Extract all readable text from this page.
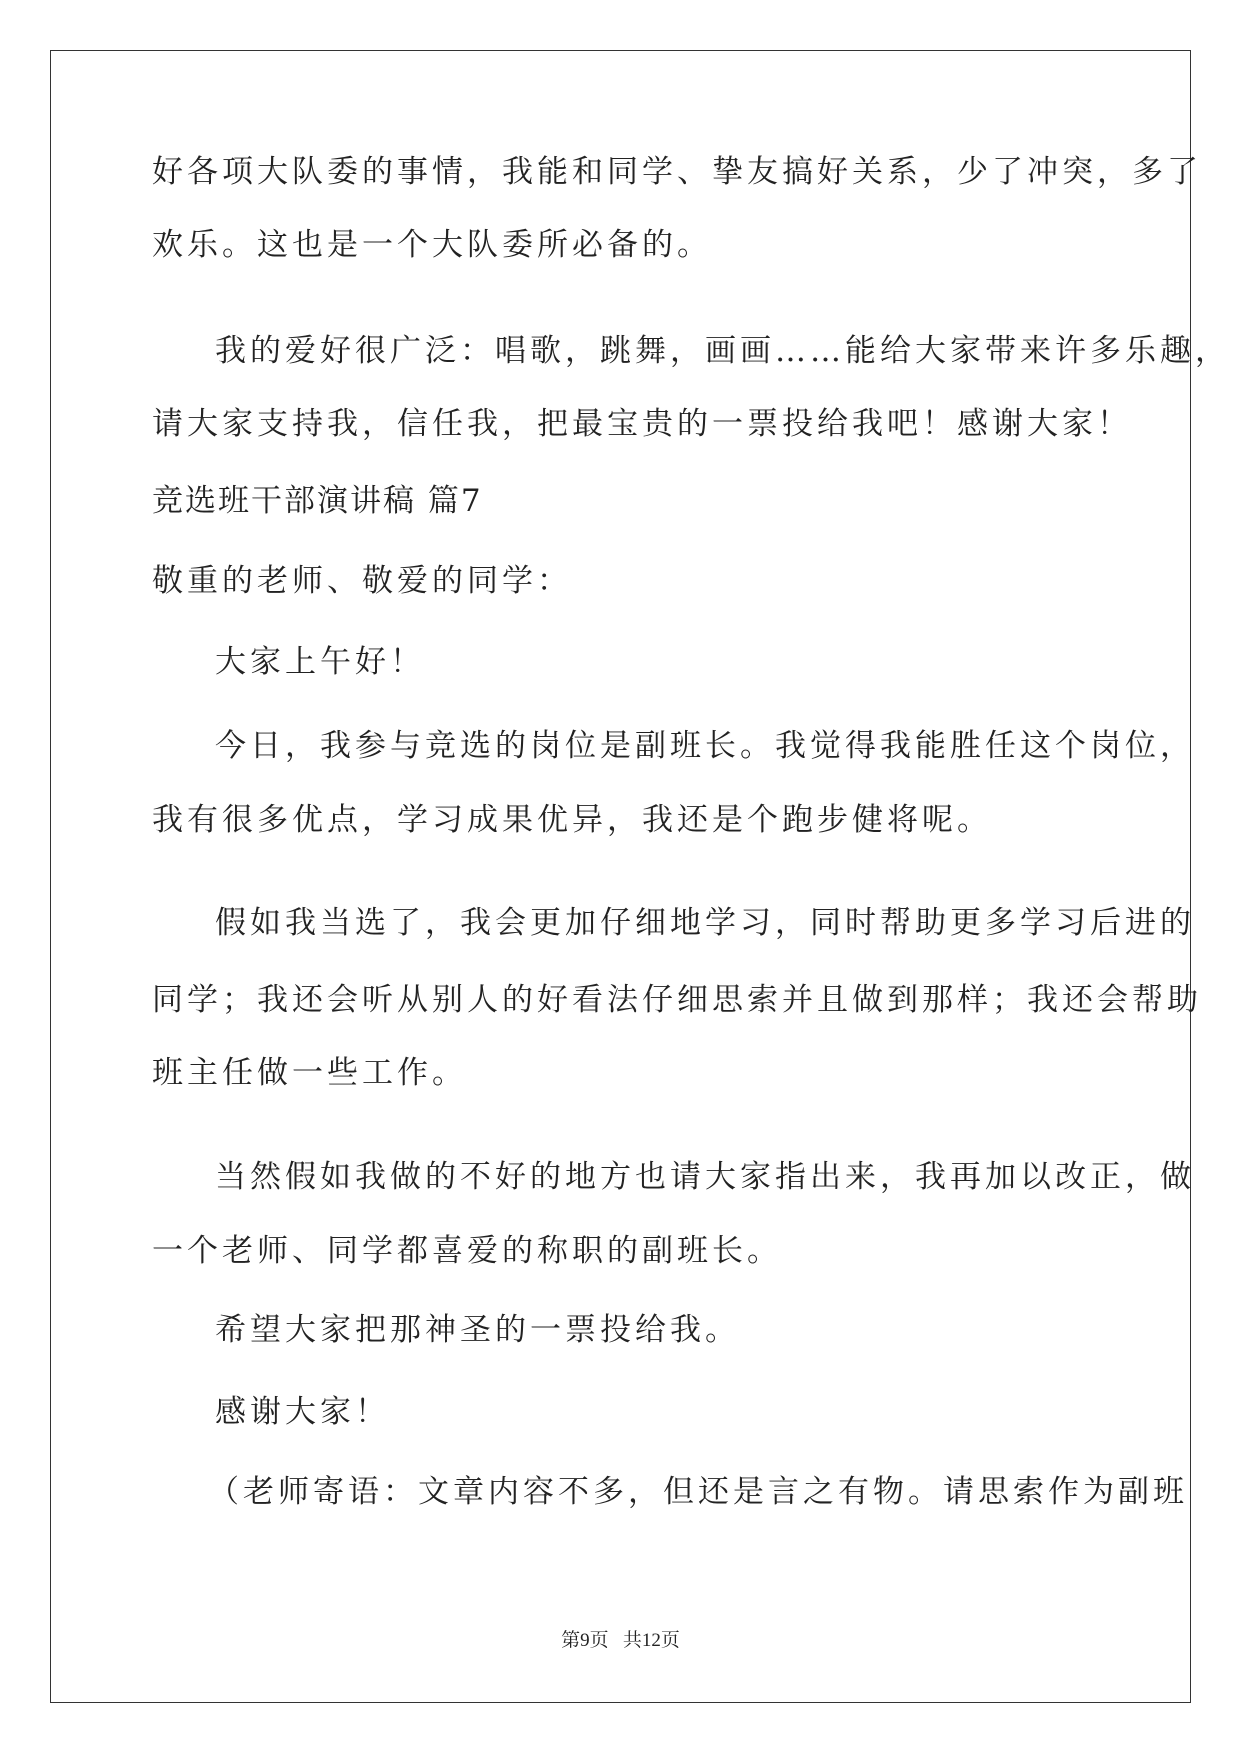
好各项大队委的事情，我能和同学、挚友搞好关系，少了冲突，多了
欢乐。这也是一个大队委所必备的。
我的爱好很广泛：唱歌，跳舞，画画……能给大家带来许多乐趣，
请大家支持我，信任我，把最宝贵的一票投给我吧！感谢大家！
竞选班干部演讲稿 篇7
敬重的老师、敬爱的同学：
大家上午好！
今日，我参与竞选的岗位是副班长。我觉得我能胜任这个岗位，
我有很多优点，学习成果优异，我还是个跑步健将呢。
假如我当选了，我会更加仔细地学习，同时帮助更多学习后进的
同学；我还会听从别人的好看法仔细思索并且做到那样；我还会帮助
班主任做一些工作。
当然假如我做的不好的地方也请大家指出来，我再加以改正，做
一个老师、同学都喜爱的称职的副班长。
希望大家把那神圣的一票投给我。
感谢大家！
（老师寄语：文章内容不多，但还是言之有物。请思索作为副班
第9页 共12页
